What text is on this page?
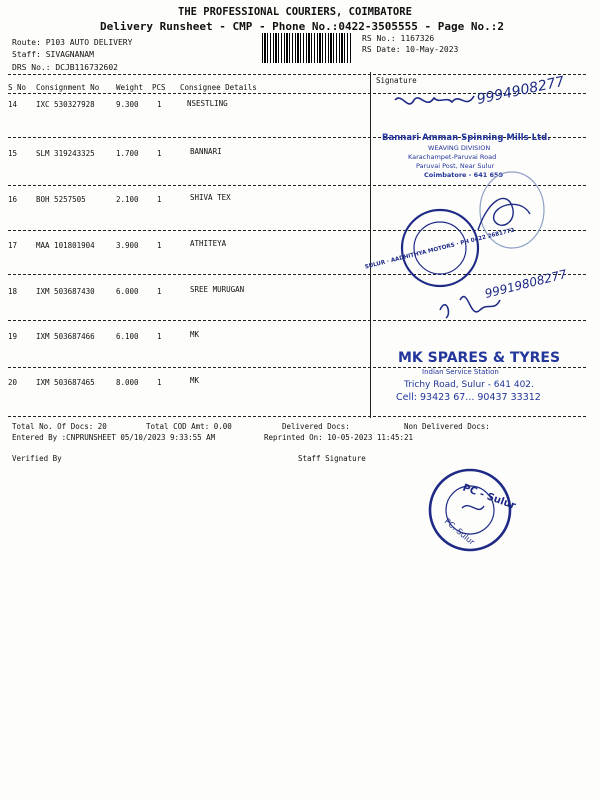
THE PROFESSIONAL COURIERS, COIMBATORE
Delivery Runsheet - CMP - Phone No.:0422-3505555 - Page No.:2
Route: P103 AUTO DELIVERY
Staff: SIVAGNANAM
DRS No.: DCJB116732602
RS No.: 1167326
RS Date: 10-May-2023
S No Consignment No Weight PCS Consignee Details
Signature
14	IXC 530327928	9.300 1	NSESTLING
15	SLM 319243325	1.700 1	BANNARI
16	BOH 5257505	2.100 1	SHIVA TEX
17	MAA 101801904	3.900 1	ATHITEYA
18	IXM 503687430	6.000 1	SREE MURUGAN
19	IXM 503687466	6.100 1	MK
20	IXM 503687465	8.000 1	MK
Total No. Of Docs: 20	Total COD Amt: 0.00	Delivered Docs:	Non Delivered Docs:
Entered By :CNPRUNSHEET 05/10/2023 9:33:55 AM	Reprinted On: 10-05-2023 11:45:21
Verified By	Staff Signature
9994908277
Bannari Amman Spinning Mills Ltd.
WEAVING DIVISION
Karachampet-Paruvai Road
Paruvai Post, Near Sulur
Coimbatore - 641 659
SULUR · AADHITHYA MOTORS · PH 0422 2681772
99919808277
MK SPARES & TYRES
Indian Service Station
Trichy Road, Sulur - 641 402.
Cell: 93423 67... 90437 33312
PC - Sulur
PC. Sulur
